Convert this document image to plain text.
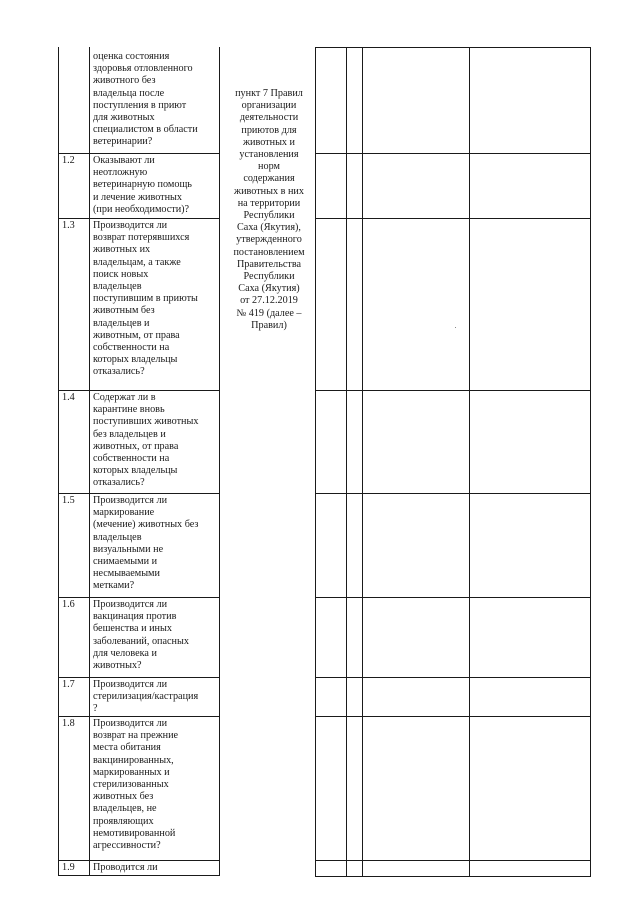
1.2
1.3
1.4
1.5
1.6
1.7
1.8
1.9
оценка состояния
здоровья отловленного
животного без
владельца после
поступления в приют
для животных
специалистом в области
ветеринарии?
Оказывают ли
неотложную
ветеринарную помощь
и лечение животных
(при необходимости)?
Производится ли
возврат потерявшихся
животных их
владельцам, а также
поиск новых
владельцев
поступившим в приюты
животным без
владельцев и
животным, от права
собственности на
которых владельцы
отказались?
Содержат ли в
карантине вновь
поступивших животных
без владельцев и
животных, от права
собственности на
которых владельцы
отказались?
Производится ли
маркирование
(мечение) животных без
владельцев
визуальными не
снимаемыми и
несмываемыми
метками?
Производится ли
вакцинация против
бешенства и иных
заболеваний, опасных
для человека и
животных?
Производится ли
стерилизация/кастрация
?
Производится ли
возврат на прежние
места обитания
вакцинированных,
маркированных и
стерилизованных
животных без
владельцев, не
проявляющих
немотивированной
агрессивности?
Проводится ли
пункт 7 Правил
организации
деятельности
приютов для
животных и
установления
норм
содержания
животных в них
на территории
Республики
Саха (Якутия),
утвержденного
постановлением
Правительства
Республики
Саха (Якутия)
от 27.12.2019
№ 419 (далее –
Правил)
